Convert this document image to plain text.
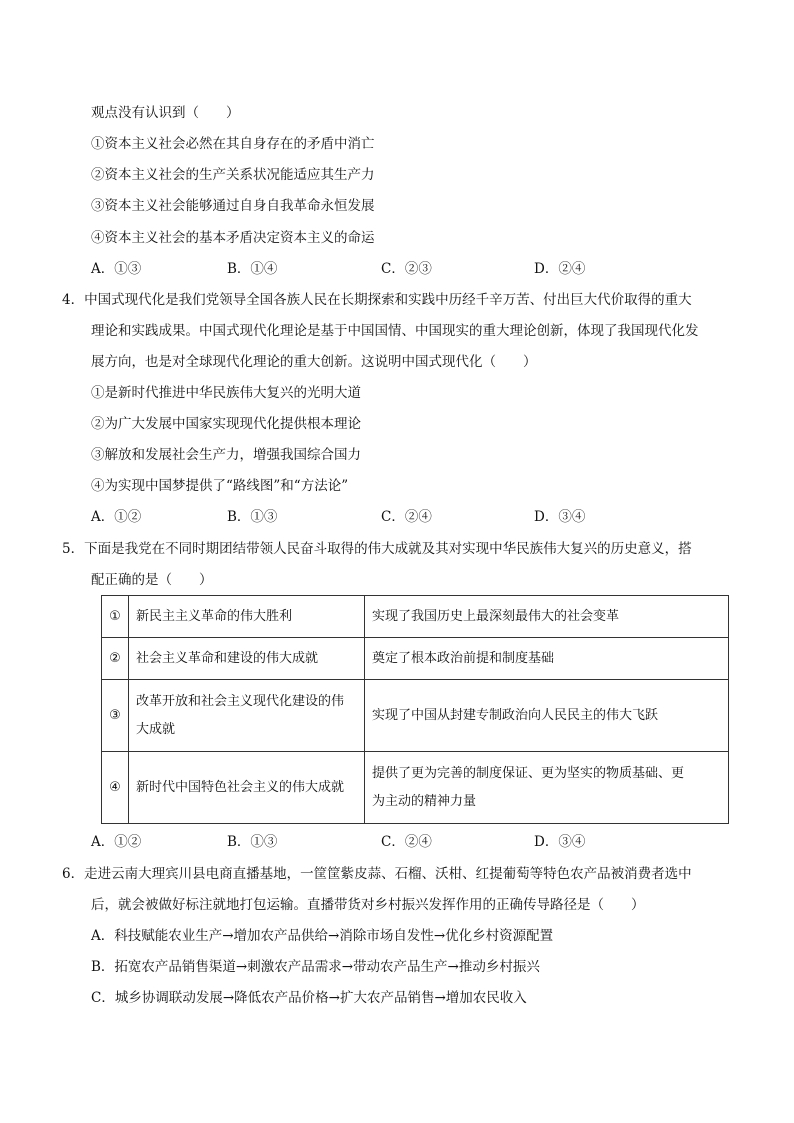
观点没有认识到（　　）
①资本主义社会必然在其自身存在的矛盾中消亡
②资本主义社会的生产关系状况能适应其生产力
③资本主义社会能够通过自身自我革命永恒发展
④资本主义社会的基本矛盾决定资本主义的命运
A．①③	B．①④	C．②③	D．②④
4．中国式现代化是我们党领导全国各族人民在长期探索和实践中历经千辛万苦、付出巨大代价取得的重大
理论和实践成果。中国式现代化理论是基于中国国情、中国现实的重大理论创新，体现了我国现代化发
展方向，也是对全球现代化理论的重大创新。这说明中国式现代化（　　）
①是新时代推进中华民族伟大复兴的光明大道
②为广大发展中国家实现现代化提供根本理论
③解放和发展社会生产力，增强我国综合国力
④为实现中国梦提供了“路线图”和“方法论”
A．①②	B．①③	C．②④	D．③④
5．下面是我党在不同时期团结带领人民奋斗取得的伟大成就及其对实现中华民族伟大复兴的历史意义，搭
配正确的是（　　）
①	新民主主义革命的伟大胜利	实现了我国历史上最深刻最伟大的社会变革

②	社会主义革命和建设的伟大成就	奠定了根本政治前提和制度基础

③	改革开放和社会主义现代化建设的伟
大成就	实现了中国从封建专制政治向人民民主的伟大飞跃

④	新时代中国特色社会主义的伟大成就	提供了更为完善的制度保证、更为坚实的物质基础、更
为主动的精神力量
A．①②	B．①③	C．②④	D．③④
6．走进云南大理宾川县电商直播基地，一筐筐紫皮蒜、石榴、沃柑、红提葡萄等特色农产品被消费者选中
后，就会被做好标注就地打包运输。直播带货对乡村振兴发挥作用的正确传导路径是（　　）
A．科技赋能农业生产→增加农产品供给→消除市场自发性→优化乡村资源配置
B．拓宽农产品销售渠道→刺激农产品需求→带动农产品生产→推动乡村振兴
C．城乡协调联动发展→降低农产品价格→扩大农产品销售→增加农民收入
